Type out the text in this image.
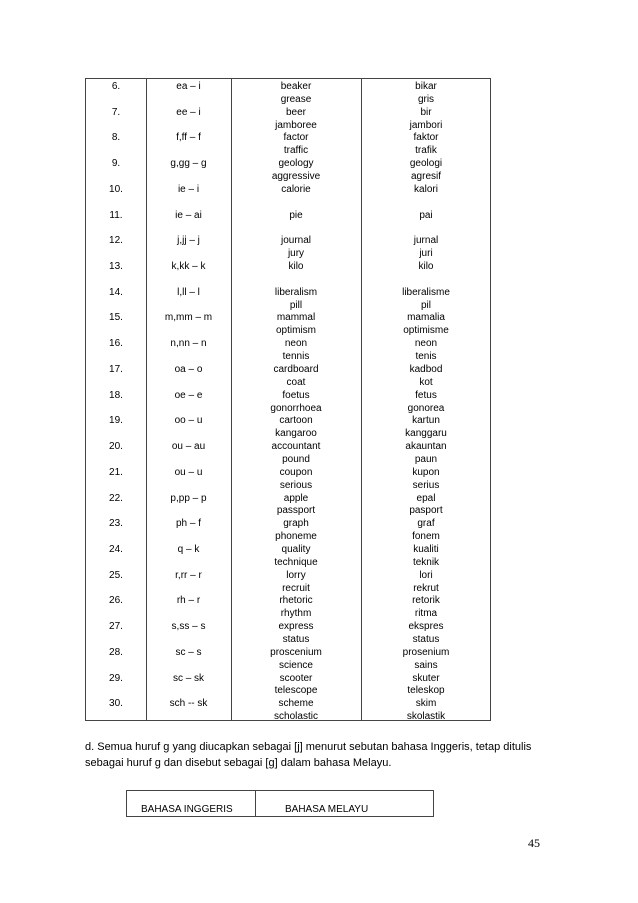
6.	ea – i	beaker	bikar
grease	gris
7.	ee – i	beer	bir
jamboree	jambori
8.	f,ff – f	factor	faktor
traffic	trafik
9.	g,gg – g	geology	geologi
aggressive	agresif
10.	ie – i	calorie	kalori
11.	ie – ai	pie	pai
12.	j,jj – j	journal	jurnal
jury	juri
13.	k,kk – k	kilo	kilo
14.	l,ll – l	liberalism	liberalisme
pill	pil
15.	m,mm – m	mammal	mamalia
optimism	optimisme
16.	n,nn – n	neon	neon
tennis	tenis
17.	oa – o	cardboard	kadbod
coat	kot
18.	oe – e	foetus	fetus
gonorrhoea	gonorea
19.	oo – u	cartoon	kartun
kangaroo	kanggaru
20.	ou – au	accountant	akauntan
pound	paun
21.	ou – u	coupon	kupon
serious	serius
22.	p,pp – p	apple	epal
passport	pasport
23.	ph – f	graph	graf
phoneme	fonem
24.	q – k	quality	kualiti
technique	teknik
25.	r,rr – r	lorry	lori
recruit	rekrut
26.	rh – r	rhetoric	retorik
rhythm	ritma
27.	s,ss – s	express	ekspres
status	status
28.	sc – s	proscenium	prosenium
science	sains
29.	sc – sk	scooter	skuter
telescope	teleskop
30.	sch -- sk	scheme	skim
scholastic	skolastik

d. Semua huruf g yang diucapkan sebagai [j] menurut sebutan bahasa Inggeris, tetap ditulis
sebagai huruf g dan disebut sebagai [g] dalam bahasa Melayu.

BAHASA INGGERIS	BAHASA MELAYU
45
